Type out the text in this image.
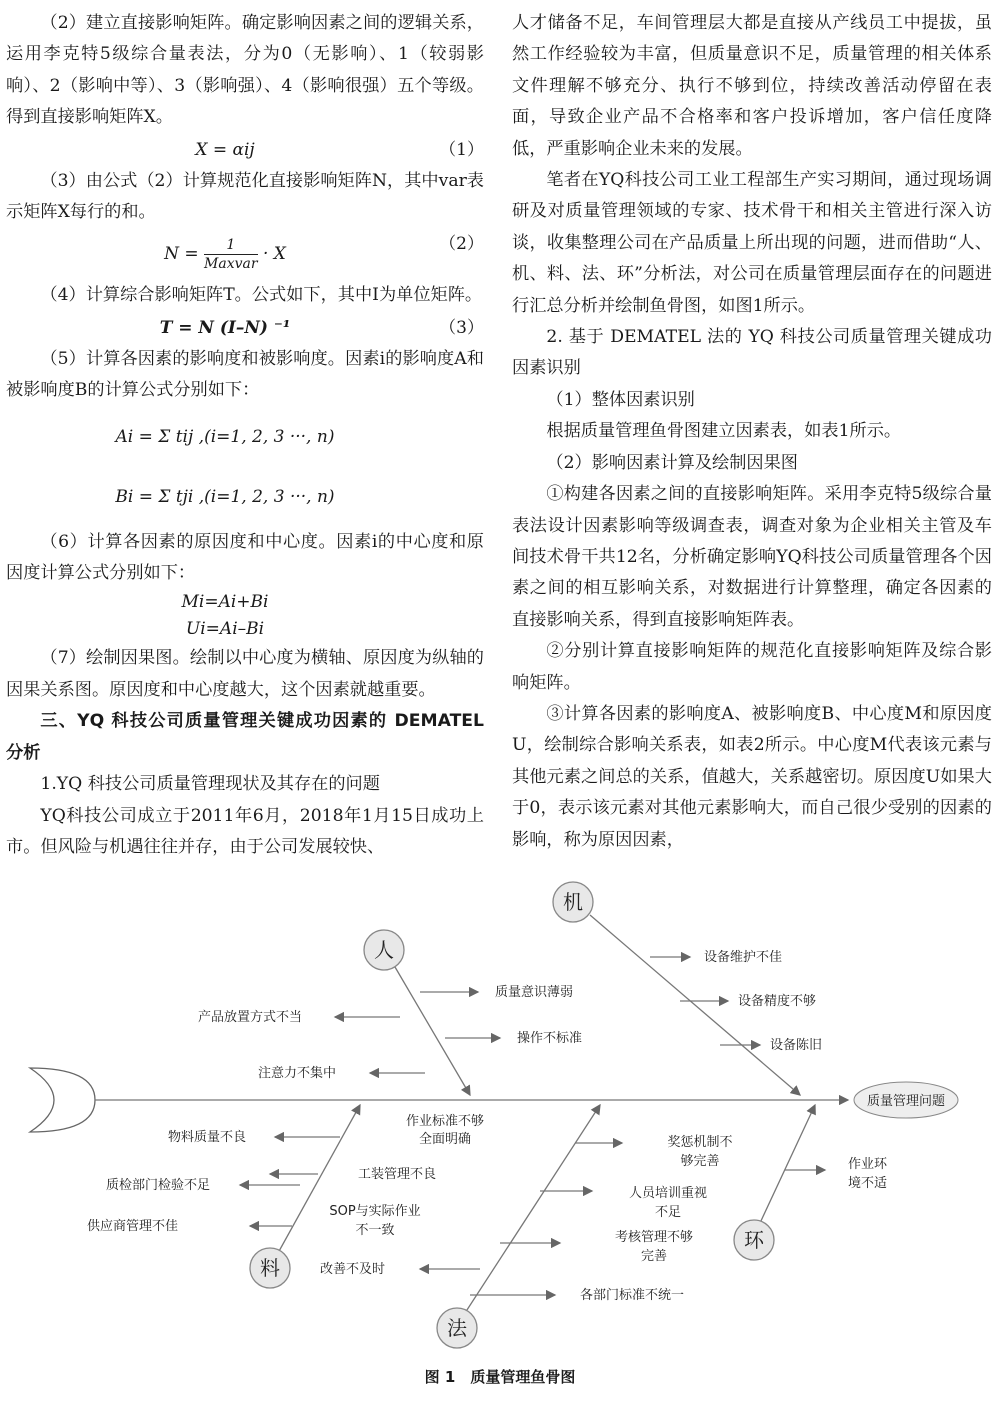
（2）建立直接影响矩阵。确定影响因素之间的逻辑关系，运用李克特5级综合量表法，分为0（无影响）、1（较弱影响）、2（影响中等）、3（影响强）、4（影响很强）五个等级。得到直接影响矩阵X。

X = αij	（1）

（3）由公式（2）计算规范化直接影响矩阵N，其中var表示矩阵X每行的和。

$N = \frac{1}{\text{Maxvar}} \cdot X$	（2）

（4）计算综合影响矩阵T。公式如下，其中I为单位矩阵。

T = N (I–N) ⁻¹	（3）

（5）计算各因素的影响度和被影响度。因素i的影响度A和被影响度B的计算公式分别如下：

Ai = Σ tij ,(i=1, 2, 3 ···, n)
Bi = Σ tji ,(i=1, 2, 3 ···, n)

（6）计算各因素的原因度和中心度。因素i的中心度和原因度计算公式分别如下：

Mi=Ai+Bi
Ui=Ai–Bi

（7）绘制因果图。绘制以中心度为横轴、原因度为纵轴的因果关系图。原因度和中心度越大，这个因素就越重要。

三、YQ 科技公司质量管理关键成功因素的 DEMATEL 分析

1.YQ 科技公司质量管理现状及其存在的问题

YQ科技公司成立于2011年6月，2018年1月15日成功上市。但风险与机遇往往并存，由于公司发展较快、

人才储备不足，车间管理层大都是直接从产线员工中提拔，虽然工作经验较为丰富，但质量意识不足，质量管理的相关体系文件理解不够充分、执行不够到位，持续改善活动停留在表面，导致企业产品不合格率和客户投诉增加，客户信任度降低，严重影响企业未来的发展。

笔者在YQ科技公司工业工程部生产实习期间，通过现场调研及对质量管理领域的专家、技术骨干和相关主管进行深入访谈，收集整理公司在产品质量上所出现的问题，进而借助“人、机、料、法、环”分析法，对公司在质量管理层面存在的问题进行汇总分析并绘制鱼骨图，如图1所示。

2. 基于 DEMATEL 法的 YQ 科技公司质量管理关键成功因素识别

（1）整体因素识别

根据质量管理鱼骨图建立因素表，如表1所示。

（2）影响因素计算及绘制因果图

①构建各因素之间的直接影响矩阵。采用李克特5级综合量表法设计因素影响等级调查表，调查对象为企业相关主管及车间技术骨干共12名，分析确定影响YQ科技公司质量管理各个因素之间的相互影响关系，对数据进行计算整理，确定各因素的直接影响关系，得到直接影响矩阵表。

②分别计算直接影响矩阵的规范化直接影响矩阵及综合影响矩阵。

③计算各因素的影响度A、被影响度B、中心度M和原因度U，绘制综合影响关系表，如表2所示。中心度M代表该元素与其他元素之间总的关系，值越大，关系越密切。原因度U如果大于0，表示该元素对其他元素影响大，而自己很少受别的因素的影响，称为原因因素，

质量管理问题
人
机
料
法
环
质量意识薄弱
产品放置方式不当
操作不标准
注意力不集中
设备维护不佳
设备精度不够
设备陈旧
作业标准不够
全面明确
物料质量不良
工装管理不良
质检部门检验不足
SOP与实际作业
不一致
供应商管理不佳
改善不及时
奖惩机制不
够完善
人员培训重视
不足
考核管理不够
完善
各部门标准不统一
作业环
境不适
图 1　质量管理鱼骨图
